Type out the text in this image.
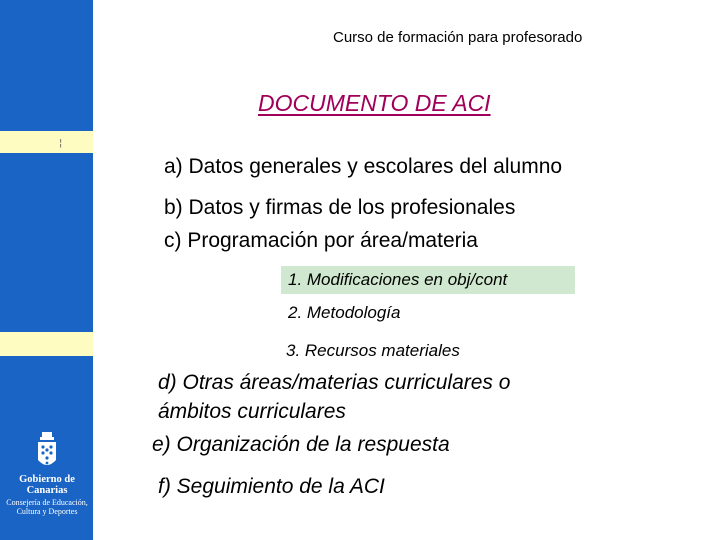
¦
Gobierno de Canarias
Consejería de Educación,
Cultura y Deportes
Curso de formación para profesorado
DOCUMENTO DE ACI
a) Datos generales y escolares del alumno
b) Datos y firmas de los profesionales
c) Programación por área/materia
1. Modificaciones en obj/cont
2. Metodología
3. Recursos materiales
d) Otras áreas/materias curriculares o
ámbitos curriculares
e) Organización de la respuesta
f) Seguimiento de la ACI
